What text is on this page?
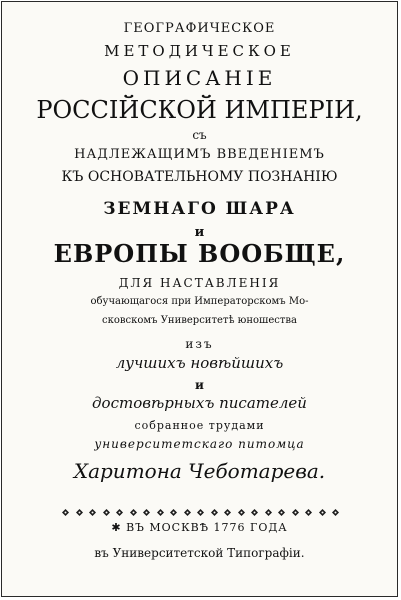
ГЕОГРАФИЧЕСКОЕ
МЕТОДИЧЕСКОЕ
ОПИСАНІЕ
РОССІЙСКОЙ ИМПЕРІИ,
съ
НАДЛЕЖАЩИМЪ ВВЕДЕНІЕМЪ
КЪ ОСНОВАТЕЛЬНОМУ ПОЗНАНІЮ
ЗЕМНАГО ШАРА
и
ЕВРОПЫ ВООБЩЕ,
ДЛЯ НАСТАВЛЕНІЯ
обучающагося при Императорскомъ Мо-
сковскомъ Университетѣ юношества
изъ
лучшихъ новѣйшихъ
и
достовѣрныхъ писателей
собранное трудами
университетскаго питомца
Харитона Чеботарева.
✱ ВЪ МОСКВѢ 1776 ГОДА
въ Университетской Типографіи.
